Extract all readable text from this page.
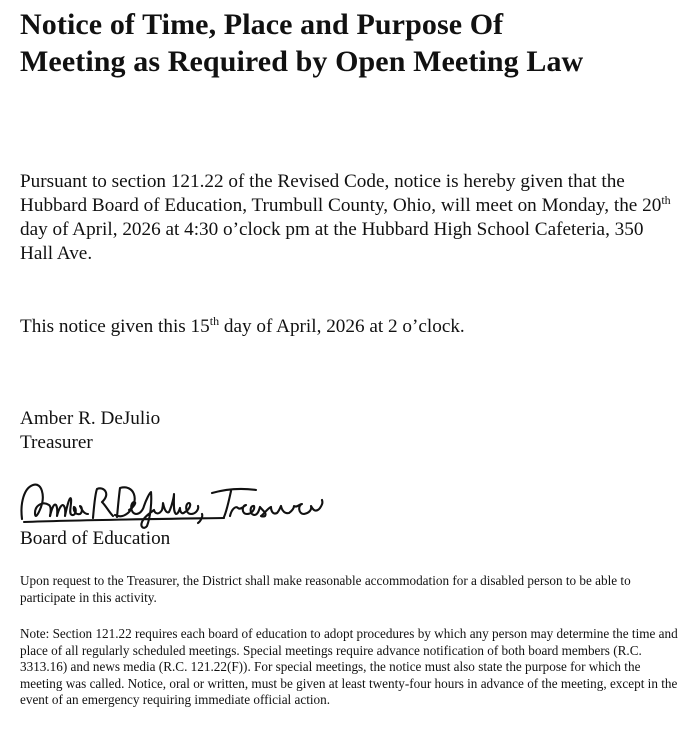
Notice of Time, Place and Purpose Of
Meeting as Required by Open Meeting Law

Pursuant to section 121.22 of the Revised Code, notice is hereby given that the Hubbard Board of Education, Trumbull County, Ohio, will meet on Monday, the 20th day of April, 2026 at 4:30 o’clock pm at the Hubbard High School Cafeteria, 350 Hall Ave.

This notice given this 15th day of April, 2026 at 2 o’clock.

Amber R. DeJulio

Treasurer

Board of Education

Upon request to the Treasurer, the District shall make reasonable accommodation for a disabled person to be able to participate in this activity.

Note: Section 121.22 requires each board of education to adopt procedures by which any person may determine the time and place of all regularly scheduled meetings. Special meetings require advance notification of both board members (R.C. 3313.16) and news media (R.C. 121.22(F)). For special meetings, the notice must also state the purpose for which the meeting was called. Notice, oral or written, must be given at least twenty-four hours in advance of the meeting, except in the event of an emergency requiring immediate official action.
